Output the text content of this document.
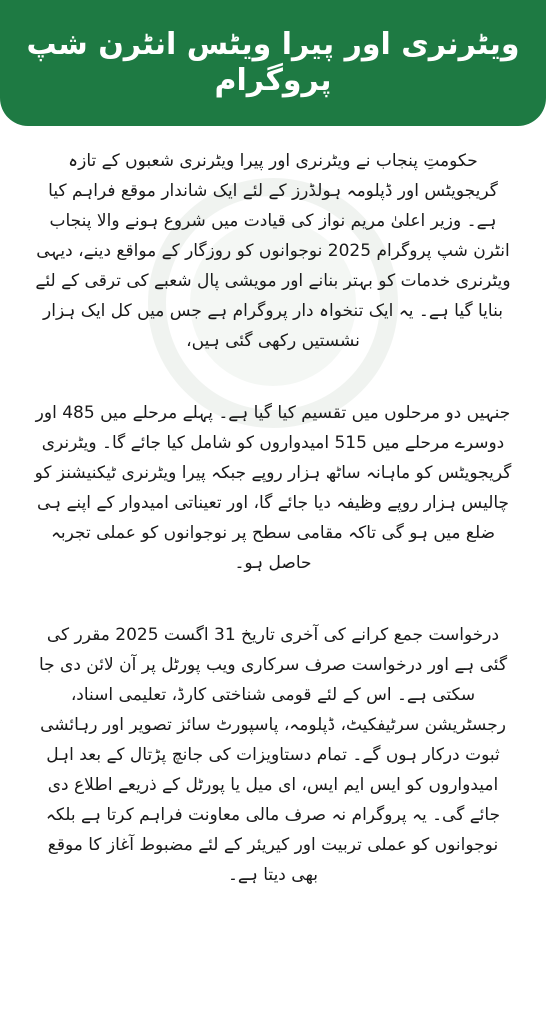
ویٹرنری اور پیرا ویٹس انٹرن شپ پروگرام

حکومتِ پنجاب نے ویٹرنری اور پیرا ویٹرنری شعبوں کے تازہ گریجویٹس اور ڈپلومہ ہولڈرز کے لئے ایک شاندار موقع فراہم کیا ہے۔ وزیر اعلیٰ مریم نواز کی قیادت میں شروع ہونے والا پنجاب انٹرن شپ پروگرام 2025 نوجوانوں کو روزگار کے مواقع دینے، دیہی ویٹرنری خدمات کو بہتر بنانے اور مویشی پال شعبے کی ترقی کے لئے بنایا گیا ہے۔ یہ ایک تنخواہ دار پروگرام ہے جس میں کل ایک ہزار نشستیں رکھی گئی ہیں،

جنہیں دو مرحلوں میں تقسیم کیا گیا ہے۔ پہلے مرحلے میں 485 اور دوسرے مرحلے میں 515 امیدواروں کو شامل کیا جائے گا۔ ویٹرنری گریجویٹس کو ماہانہ ساٹھ ہزار روپے جبکہ پیرا ویٹرنری ٹیکنیشنز کو چالیس ہزار روپے وظیفہ دیا جائے گا، اور تعیناتی امیدوار کے اپنے ہی ضلع میں ہو گی تاکہ مقامی سطح پر نوجوانوں کو عملی تجربہ حاصل ہو۔

درخواست جمع کرانے کی آخری تاریخ 31 اگست 2025 مقرر کی گئی ہے اور درخواست صرف سرکاری ویب پورٹل پر آن لائن دی جا سکتی ہے۔ اس کے لئے قومی شناختی کارڈ، تعلیمی اسناد، رجسٹریشن سرٹیفکیٹ، ڈپلومہ، پاسپورٹ سائز تصویر اور رہائشی ثبوت درکار ہوں گے۔ تمام دستاویزات کی جانچ پڑتال کے بعد اہل امیدواروں کو ایس ایم ایس، ای میل یا پورٹل کے ذریعے اطلاع دی جائے گی۔ یہ پروگرام نہ صرف مالی معاونت فراہم کرتا ہے بلکہ نوجوانوں کو عملی تربیت اور کیریئر کے لئے مضبوط آغاز کا موقع بھی دیتا ہے۔
